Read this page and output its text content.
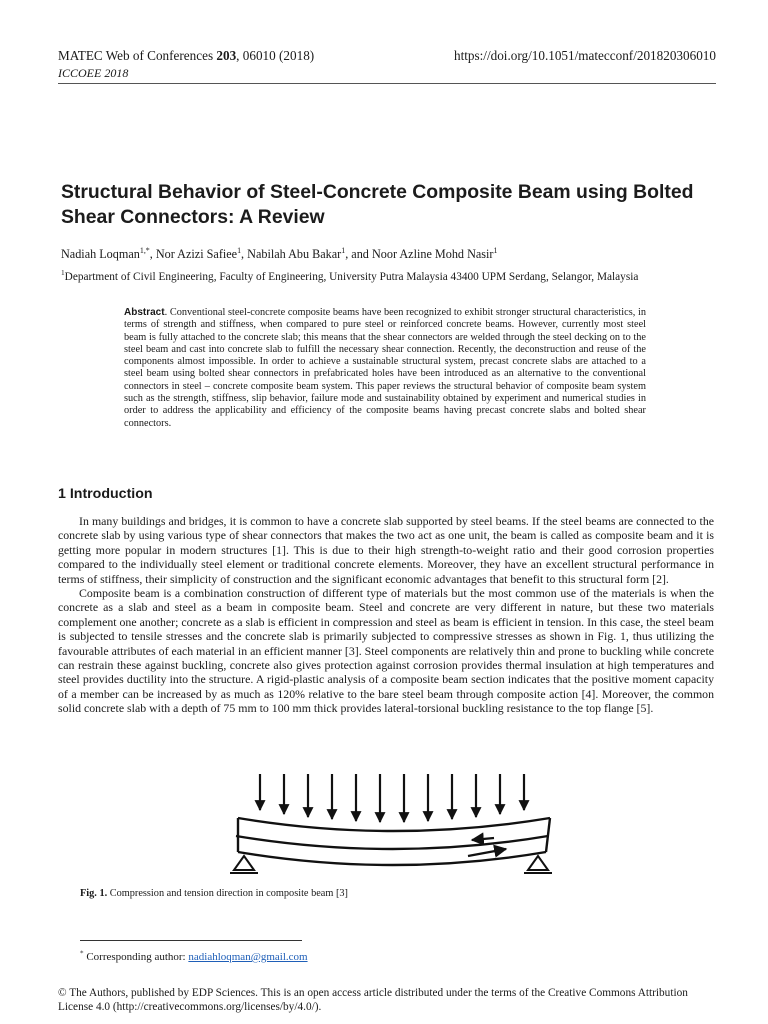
MATEC Web of Conferences 203, 06010 (2018)	https://doi.org/10.1051/matecconf/201820306010
ICCOEE 2018
Structural Behavior of Steel-Concrete Composite Beam using Bolted Shear Connectors: A Review
Nadiah Loqman$^{1,*}$, Nor Azizi Safiee$^1$, Nabilah Abu Bakar$^1$, and Noor Azline Mohd Nasir$^1$
$^1$Department of Civil Engineering, Faculty of Engineering, University Putra Malaysia 43400 UPM Serdang, Selangor, Malaysia
Abstract. Conventional steel-concrete composite beams have been recognized to exhibit stronger structural characteristics, in terms of strength and stiffness, when compared to pure steel or reinforced concrete beams. However, currently most steel beam is fully attached to the concrete slab; this means that the shear connectors are welded through the steel decking on to the steel beam and cast into concrete slab to fulfill the necessary shear connection. Recently, the deconstruction and reuse of the components almost impossible. In order to achieve a sustainable structural system, precast concrete slabs are attached to a steel beam using bolted shear connectors in prefabricated holes have been introduced as an alternative to the conventional connectors in steel – concrete composite beam system. This paper reviews the structural behavior of composite beam system such as the strength, stiffness, slip behavior, failure mode and sustainability obtained by experiment and numerical studies in order to address the applicability and efficiency of the composite beams having precast concrete slabs and bolted shear connectors.
1 Introduction

In many buildings and bridges, it is common to have a concrete slab supported by steel beams. If the steel beams are connected to the concrete slab by using various type of shear connectors that makes the two act as one unit, the beam is called as composite beam and it is getting more popular in modern structures [1]. This is due to their high strength-to-weight ratio and their good corrosion properties compared to the individually steel element or traditional concrete elements. Moreover, they have an excellent structural performance in terms of stiffness, their simplicity of construction and the significant economic advantages that benefit to this structural form [2].

Composite beam is a combination construction of different type of materials but the most common use of the materials is when the concrete as a slab and steel as a beam in composite beam. Steel and concrete are very different in nature, but these two materials complement one another; concrete as a slab is efficient in compression and steel as beam is efficient in tension. In this case, the steel beam is subjected to tensile stresses and the concrete slab is primarily subjected to compressive stresses as shown in Fig. 1, thus utilizing the favourable attributes of each material in an efficient manner [3]. Steel components are relatively thin and prone to buckling while concrete can restrain these against buckling, concrete also gives protection against corrosion provides thermal insulation at high temperatures and steel provides ductility into the structure. A rigid-plastic analysis of a composite beam section indicates that the positive moment capacity of a member can be increased by as much as 120% relative to the bare steel beam through composite action [4]. Moreover, the common solid concrete slab with a depth of 75 mm to 100 mm thick provides lateral-torsional buckling resistance to the top flange [5].

Fig. 1. Compression and tension direction in composite beam [3]
* Corresponding author: nadiahloqman@gmail.com
© The Authors, published by EDP Sciences. This is an open access article distributed under the terms of the Creative Commons Attribution License 4.0 (http://creativecommons.org/licenses/by/4.0/).
